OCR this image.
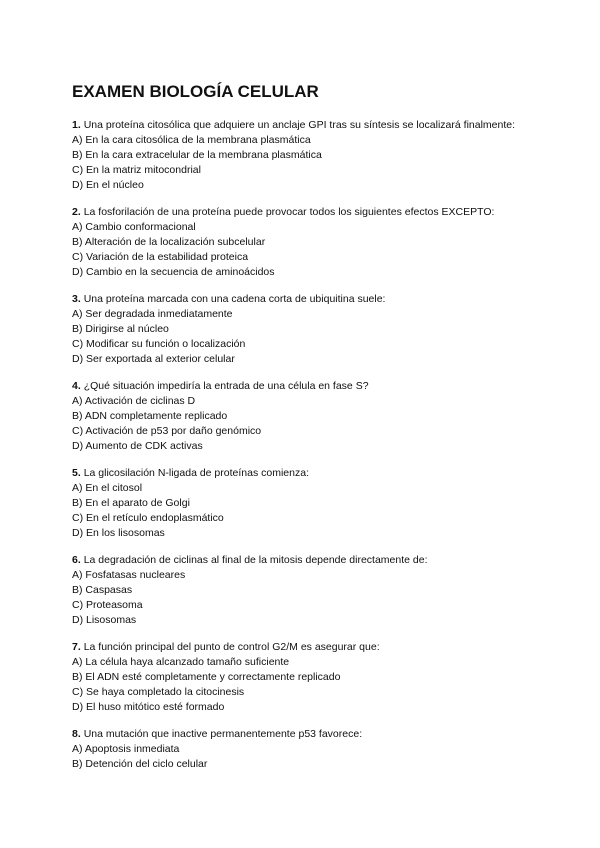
EXAMEN BIOLOGÍA CELULAR

1. Una proteína citosólica que adquiere un anclaje GPI tras su síntesis se localizará finalmente:

A) En la cara citosólica de la membrana plasmática

B) En la cara extracelular de la membrana plasmática

C) En la matriz mitocondrial

D) En el núcleo

2. La fosforilación de una proteína puede provocar todos los siguientes efectos EXCEPTO:

A) Cambio conformacional

B) Alteración de la localización subcelular

C) Variación de la estabilidad proteica

D) Cambio en la secuencia de aminoácidos

3. Una proteína marcada con una cadena corta de ubiquitina suele:

A) Ser degradada inmediatamente

B) Dirigirse al núcleo

C) Modificar su función o localización

D) Ser exportada al exterior celular

4. ¿Qué situación impediría la entrada de una célula en fase S?

A) Activación de ciclinas D

B) ADN completamente replicado

C) Activación de p53 por daño genómico

D) Aumento de CDK activas

5. La glicosilación N-ligada de proteínas comienza:

A) En el citosol

B) En el aparato de Golgi

C) En el retículo endoplasmático

D) En los lisosomas

6. La degradación de ciclinas al final de la mitosis depende directamente de:

A) Fosfatasas nucleares

B) Caspasas

C) Proteasoma

D) Lisosomas

7. La función principal del punto de control G2/M es asegurar que:

A) La célula haya alcanzado tamaño suficiente

B) El ADN esté completamente y correctamente replicado

C) Se haya completado la citocinesis

D) El huso mitótico esté formado

8. Una mutación que inactive permanentemente p53 favorece:

A) Apoptosis inmediata

B) Detención del ciclo celular
